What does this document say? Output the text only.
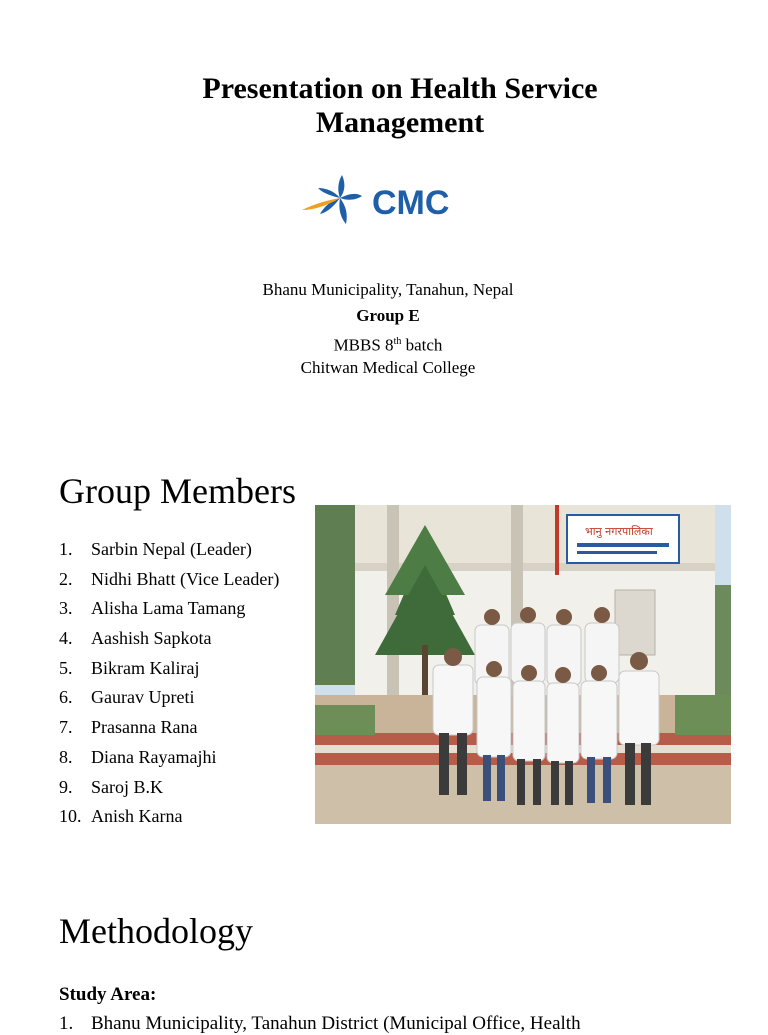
Presentation on Health Service
Management
CMC
Bhanu Municipality, Tanahun, Nepal
Group E
MBBS 8th batch
Chitwan Medical College
Group Members
1.	Sarbin Nepal (Leader)
2.	Nidhi Bhatt (Vice Leader)
3.	Alisha Lama Tamang
4.	Aashish Sapkota
5.	Bikram Kaliraj
6.	Gaurav Upreti
7.	Prasanna Rana
8.	Diana Rayamajhi
9.	Saroj B.K
10. Anish Karna
भानु नगरपालिका
Methodology
Study Area:
1. Bhanu Municipality, Tanahun District (Municipal Office, Health
